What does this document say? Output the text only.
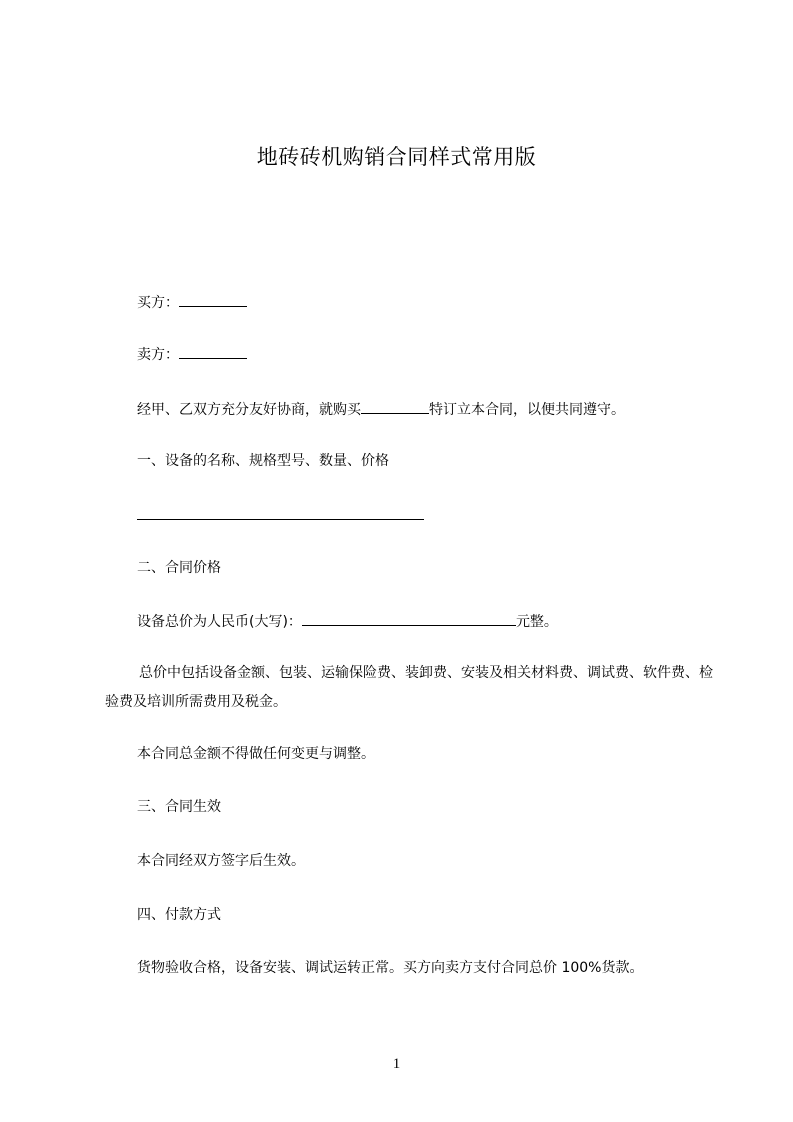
地砖砖机购销合同样式常用版
买方：
卖方：
经甲、乙双方充分友好协商，就购买	特订立本合同，以便共同遵守。
一、设备的名称、规格型号、数量、价格
二、合同价格
设备总价为人民币(大写)：	元整。
总价中包括设备金额、包装、运输保险费、装卸费、安装及相关材料费、调试费、软件费、检验费及培训所需费用及税金。
本合同总金额不得做任何变更与调整。
三、合同生效
本合同经双方签字后生效。
四、付款方式
货物验收合格，设备安装、调试运转正常。买方向卖方支付合同总价 100%货款。
1
